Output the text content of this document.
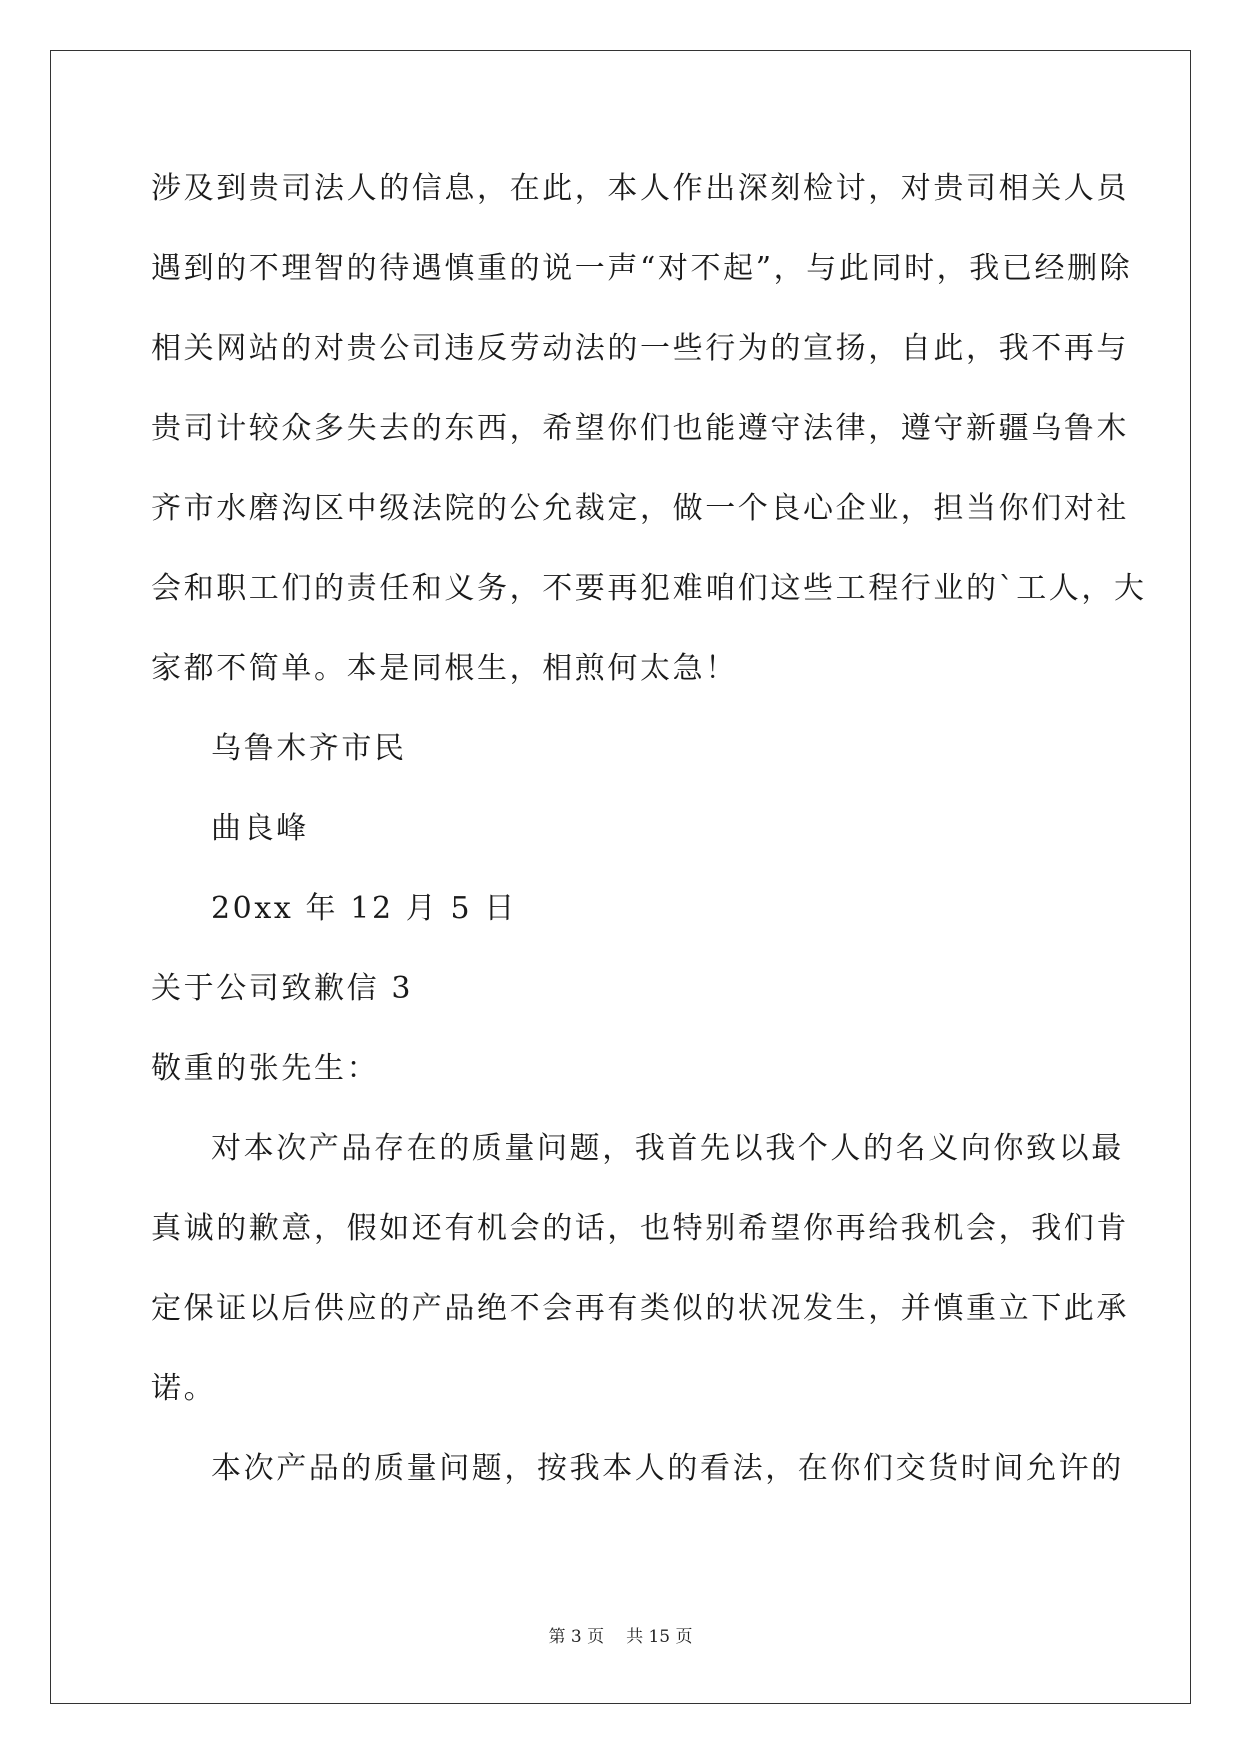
涉及到贵司法人的信息，在此，本人作出深刻检讨，对贵司相关人员
遇到的不理智的待遇慎重的说一声“对不起”，与此同时，我已经删除
相关网站的对贵公司违反劳动法的一些行为的宣扬，自此，我不再与
贵司计较众多失去的东西，希望你们也能遵守法律，遵守新疆乌鲁木
齐市水磨沟区中级法院的公允裁定，做一个良心企业，担当你们对社
会和职工们的责任和义务，不要再犯难咱们这些工程行业的`工人，大
家都不简单。本是同根生，相煎何太急！
乌鲁木齐市民
曲良峰
20xx 年 12 月 5 日
关于公司致歉信 3
敬重的张先生：
对本次产品存在的质量问题，我首先以我个人的名义向你致以最
真诚的歉意，假如还有机会的话，也特别希望你再给我机会，我们肯
定保证以后供应的产品绝不会再有类似的状况发生，并慎重立下此承
诺。
本次产品的质量问题，按我本人的看法，在你们交货时间允许的
第 3 页 共 15 页
